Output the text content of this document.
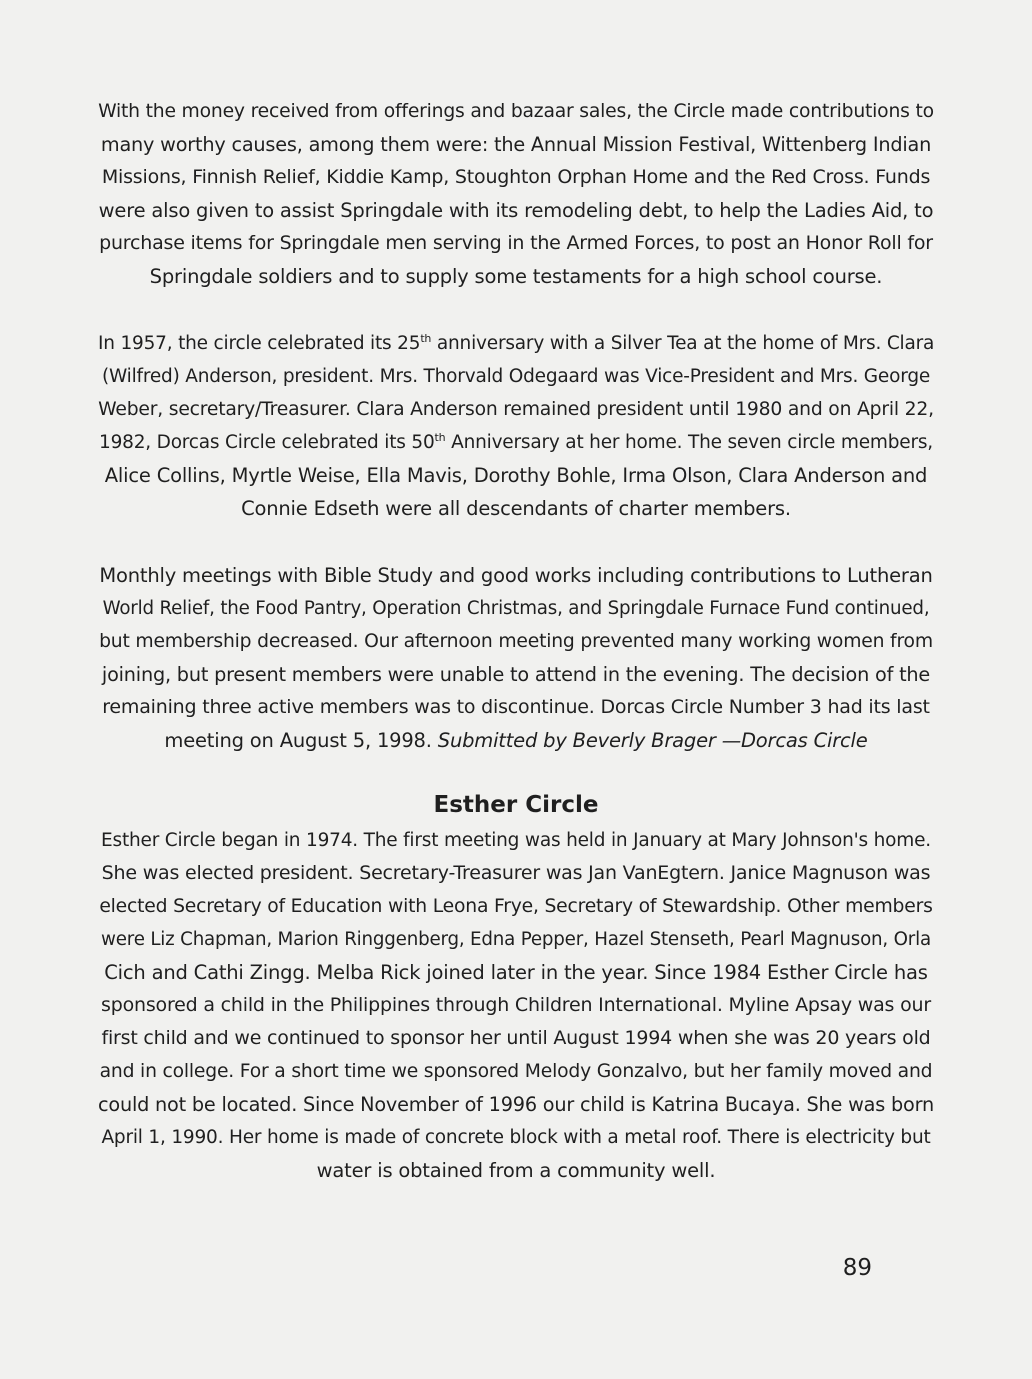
With the money received from offerings and bazaar sales, the Circle made contributions to
many worthy causes, among them were: the Annual Mission Festival, Wittenberg Indian
Missions, Finnish Relief, Kiddie Kamp, Stoughton Orphan Home and the Red Cross. Funds
were also given to assist Springdale with its remodeling debt, to help the Ladies Aid, to
purchase items for Springdale men serving in the Armed Forces, to post an Honor Roll for
Springdale soldiers and to supply some testaments for a high school course.

In 1957, the circle celebrated its 25th anniversary with a Silver Tea at the home of Mrs. Clara
(Wilfred) Anderson, president. Mrs. Thorvald Odegaard was Vice-President and Mrs. George
Weber, secretary/Treasurer. Clara Anderson remained president until 1980 and on April 22,
1982, Dorcas Circle celebrated its 50th Anniversary at her home. The seven circle members,
Alice Collins, Myrtle Weise, Ella Mavis, Dorothy Bohle, Irma Olson, Clara Anderson and
Connie Edseth were all descendants of charter members.

Monthly meetings with Bible Study and good works including contributions to Lutheran
World Relief, the Food Pantry, Operation Christmas, and Springdale Furnace Fund continued,
but membership decreased. Our afternoon meeting prevented many working women from
joining, but present members were unable to attend in the evening. The decision of the
remaining three active members was to discontinue. Dorcas Circle Number 3 had its last
meeting on August 5, 1998. Submitted by Beverly Brager —Dorcas Circle

Esther Circle

Esther Circle began in 1974. The first meeting was held in January at Mary Johnson's home.
She was elected president. Secretary-Treasurer was Jan VanEgtern. Janice Magnuson was
elected Secretary of Education with Leona Frye, Secretary of Stewardship. Other members
were Liz Chapman, Marion Ringgenberg, Edna Pepper, Hazel Stenseth, Pearl Magnuson, Orla
Cich and Cathi Zingg. Melba Rick joined later in the year. Since 1984 Esther Circle has
sponsored a child in the Philippines through Children International. Myline Apsay was our
first child and we continued to sponsor her until August 1994 when she was 20 years old
and in college. For a short time we sponsored Melody Gonzalvo, but her family moved and
could not be located. Since November of 1996 our child is Katrina Bucaya. She was born
April 1, 1990. Her home is made of concrete block with a metal roof. There is electricity but
water is obtained from a community well.

89
